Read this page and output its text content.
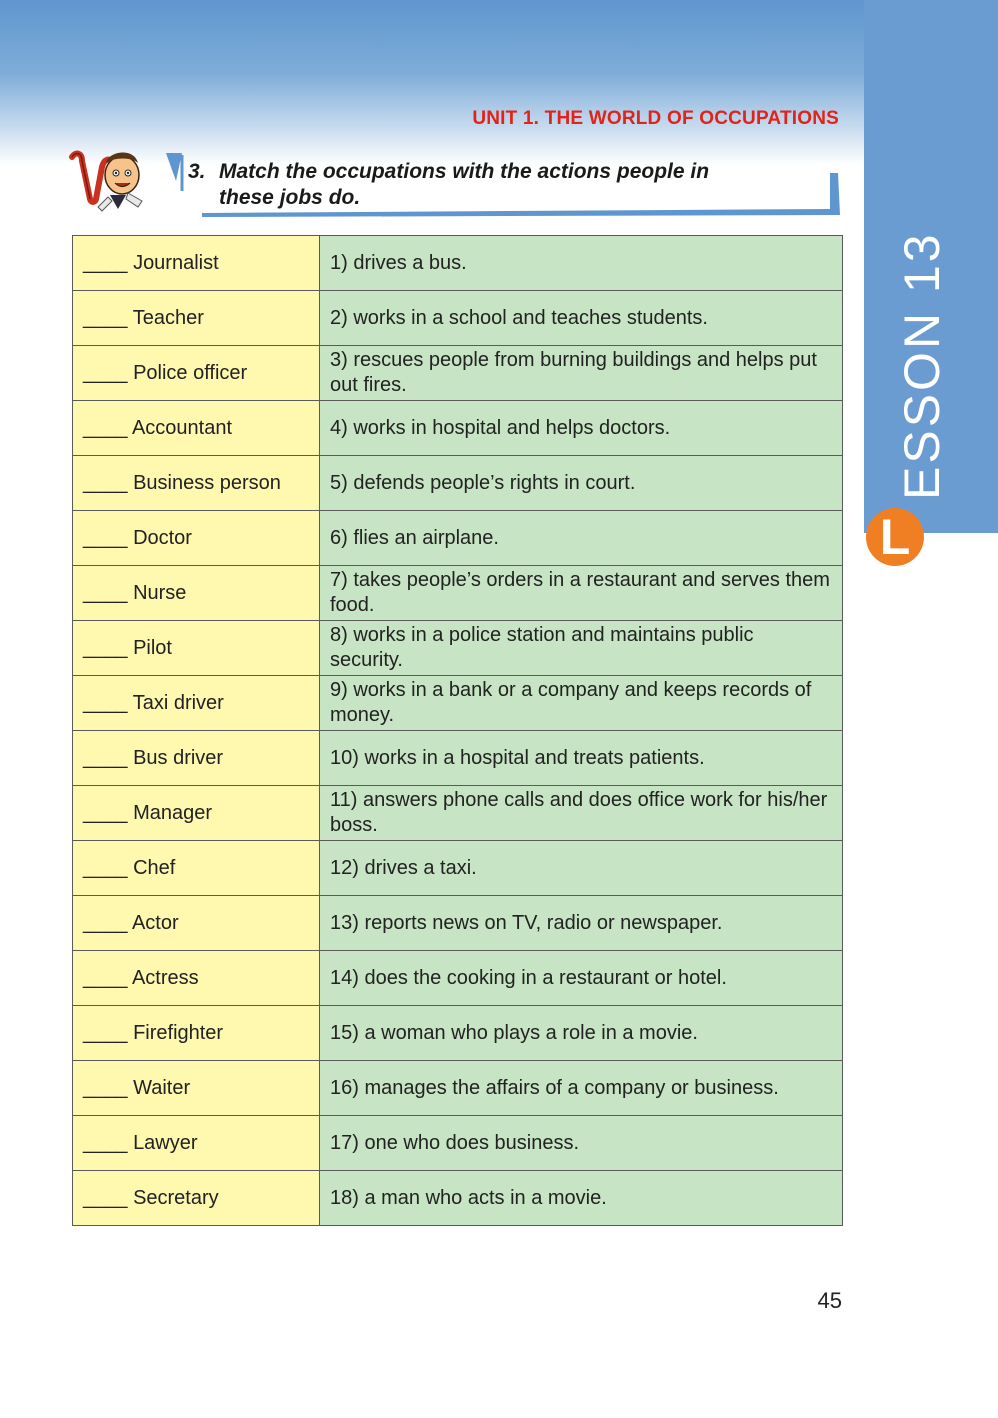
ESSON 13
L
UNIT 1. THE WORLD OF OCCUPATIONS
3. Match the occupations with the actions people in
these jobs do.
____ Journalist	1) drives a bus.
____ Teacher	2) works in a school and teaches students.
____ Police officer	3) rescues people from burning buildings and helps put out fires.
____ Accountant	4) works in hospital and helps doctors.
____ Business person	5) defends people’s rights in court.
____ Doctor	6) flies an airplane.
____ Nurse	7) takes people’s orders in a restaurant and serves them food.
____ Pilot	8) works in a police station and maintains public security.
____ Taxi driver	9) works in a bank or a company and keeps records of money.
____ Bus driver	10) works in a hospital and treats patients.
____ Manager	11) answers phone calls and does office work for his/her boss.
____ Chef	12) drives a taxi.
____ Actor	13) reports news on TV, radio or newspaper.
____ Actress	14) does the cooking in a restaurant or hotel.
____ Firefighter	15) a woman who plays a role in a movie.
____ Waiter	16) manages the affairs of a company or business.
____ Lawyer	17) one who does business.
____ Secretary	18) a man who acts in a movie.
45
